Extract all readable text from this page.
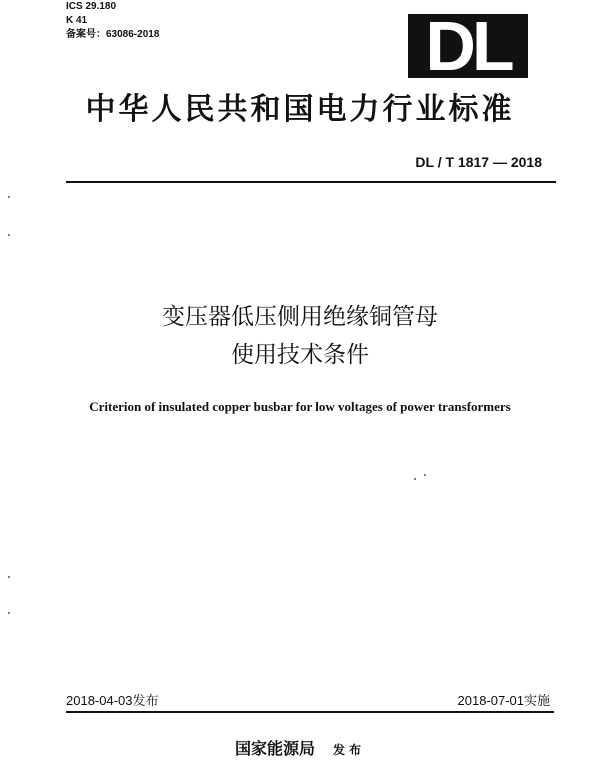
ICS 29.180
K 41
备案号：63086-2018	DL
中华人民共和国电力行业标准
DL / T 1817 — 2018
变压器低压侧用绝缘铜管母
使用技术条件
Criterion of insulated copper busbar for low voltages of power transformers
2018-04-03发布	2018-07-01实施
国家能源局 发布
